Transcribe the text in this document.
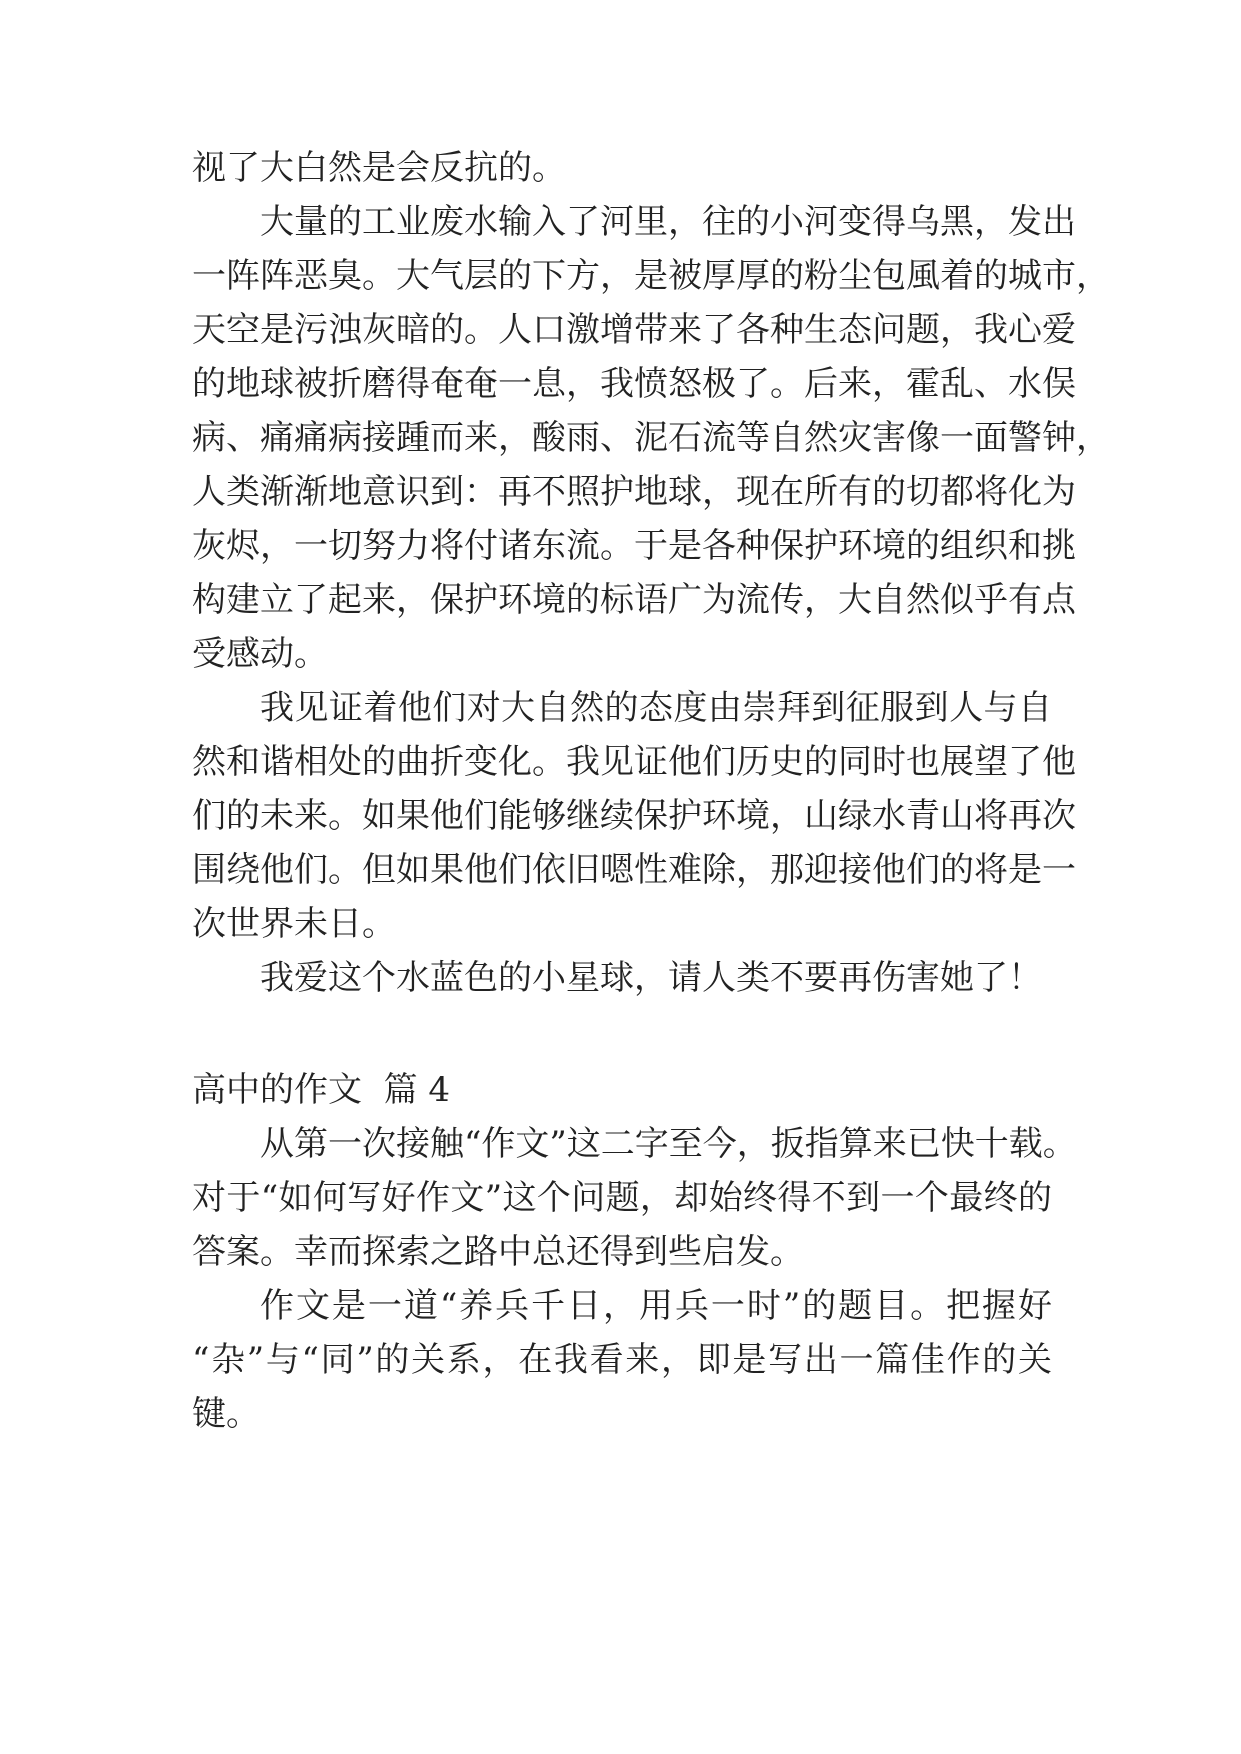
视了大白然是会反抗的。

大量的工业废水输入了河里，往的小河变得乌黑，发出

一阵阵恶臭。大气层的下方，是被厚厚的粉尘包風着的城市，

天空是污浊灰暗的。人口激增带来了各种生态问题，我心爱

的地球被折磨得奄奄一息，我愤怒极了。后来，霍乱、水俣

病、痛痛病接踵而来，酸雨、泥石流等自然灾害像一面警钟，

人类渐渐地意识到：再不照护地球，现在所有的切都将化为

灰烬，一切努力将付诸东流。于是各种保护环境的组织和挑

构建立了起来，保护环境的标语广为流传，大自然似乎有点

受感动。

我见证着他们对大自然的态度由崇拜到征服到人与自

然和谐相处的曲折变化。我见证他们历史的同时也展望了他

们的未来。如果他们能够继续保护环境，山绿水青山将再次

围绕他们。但如果他们依旧嗯性难除，那迎接他们的将是一

次世界未日。

我爱这个水蓝色的小星球，请人类不要再伤害她了！

高中的作文  篇 4

从第一次接触“作文”这二字至今，扳指算来已快十载。

对于“如何写好作文”这个问题，却始终得不到一个最终的

答案。幸而探索之路中总还得到些启发。

作文是一道“养兵千日，用兵一时”的题目。把握好

“杂”与“同”的关系，在我看来，即是写出一篇佳作的关

键。
